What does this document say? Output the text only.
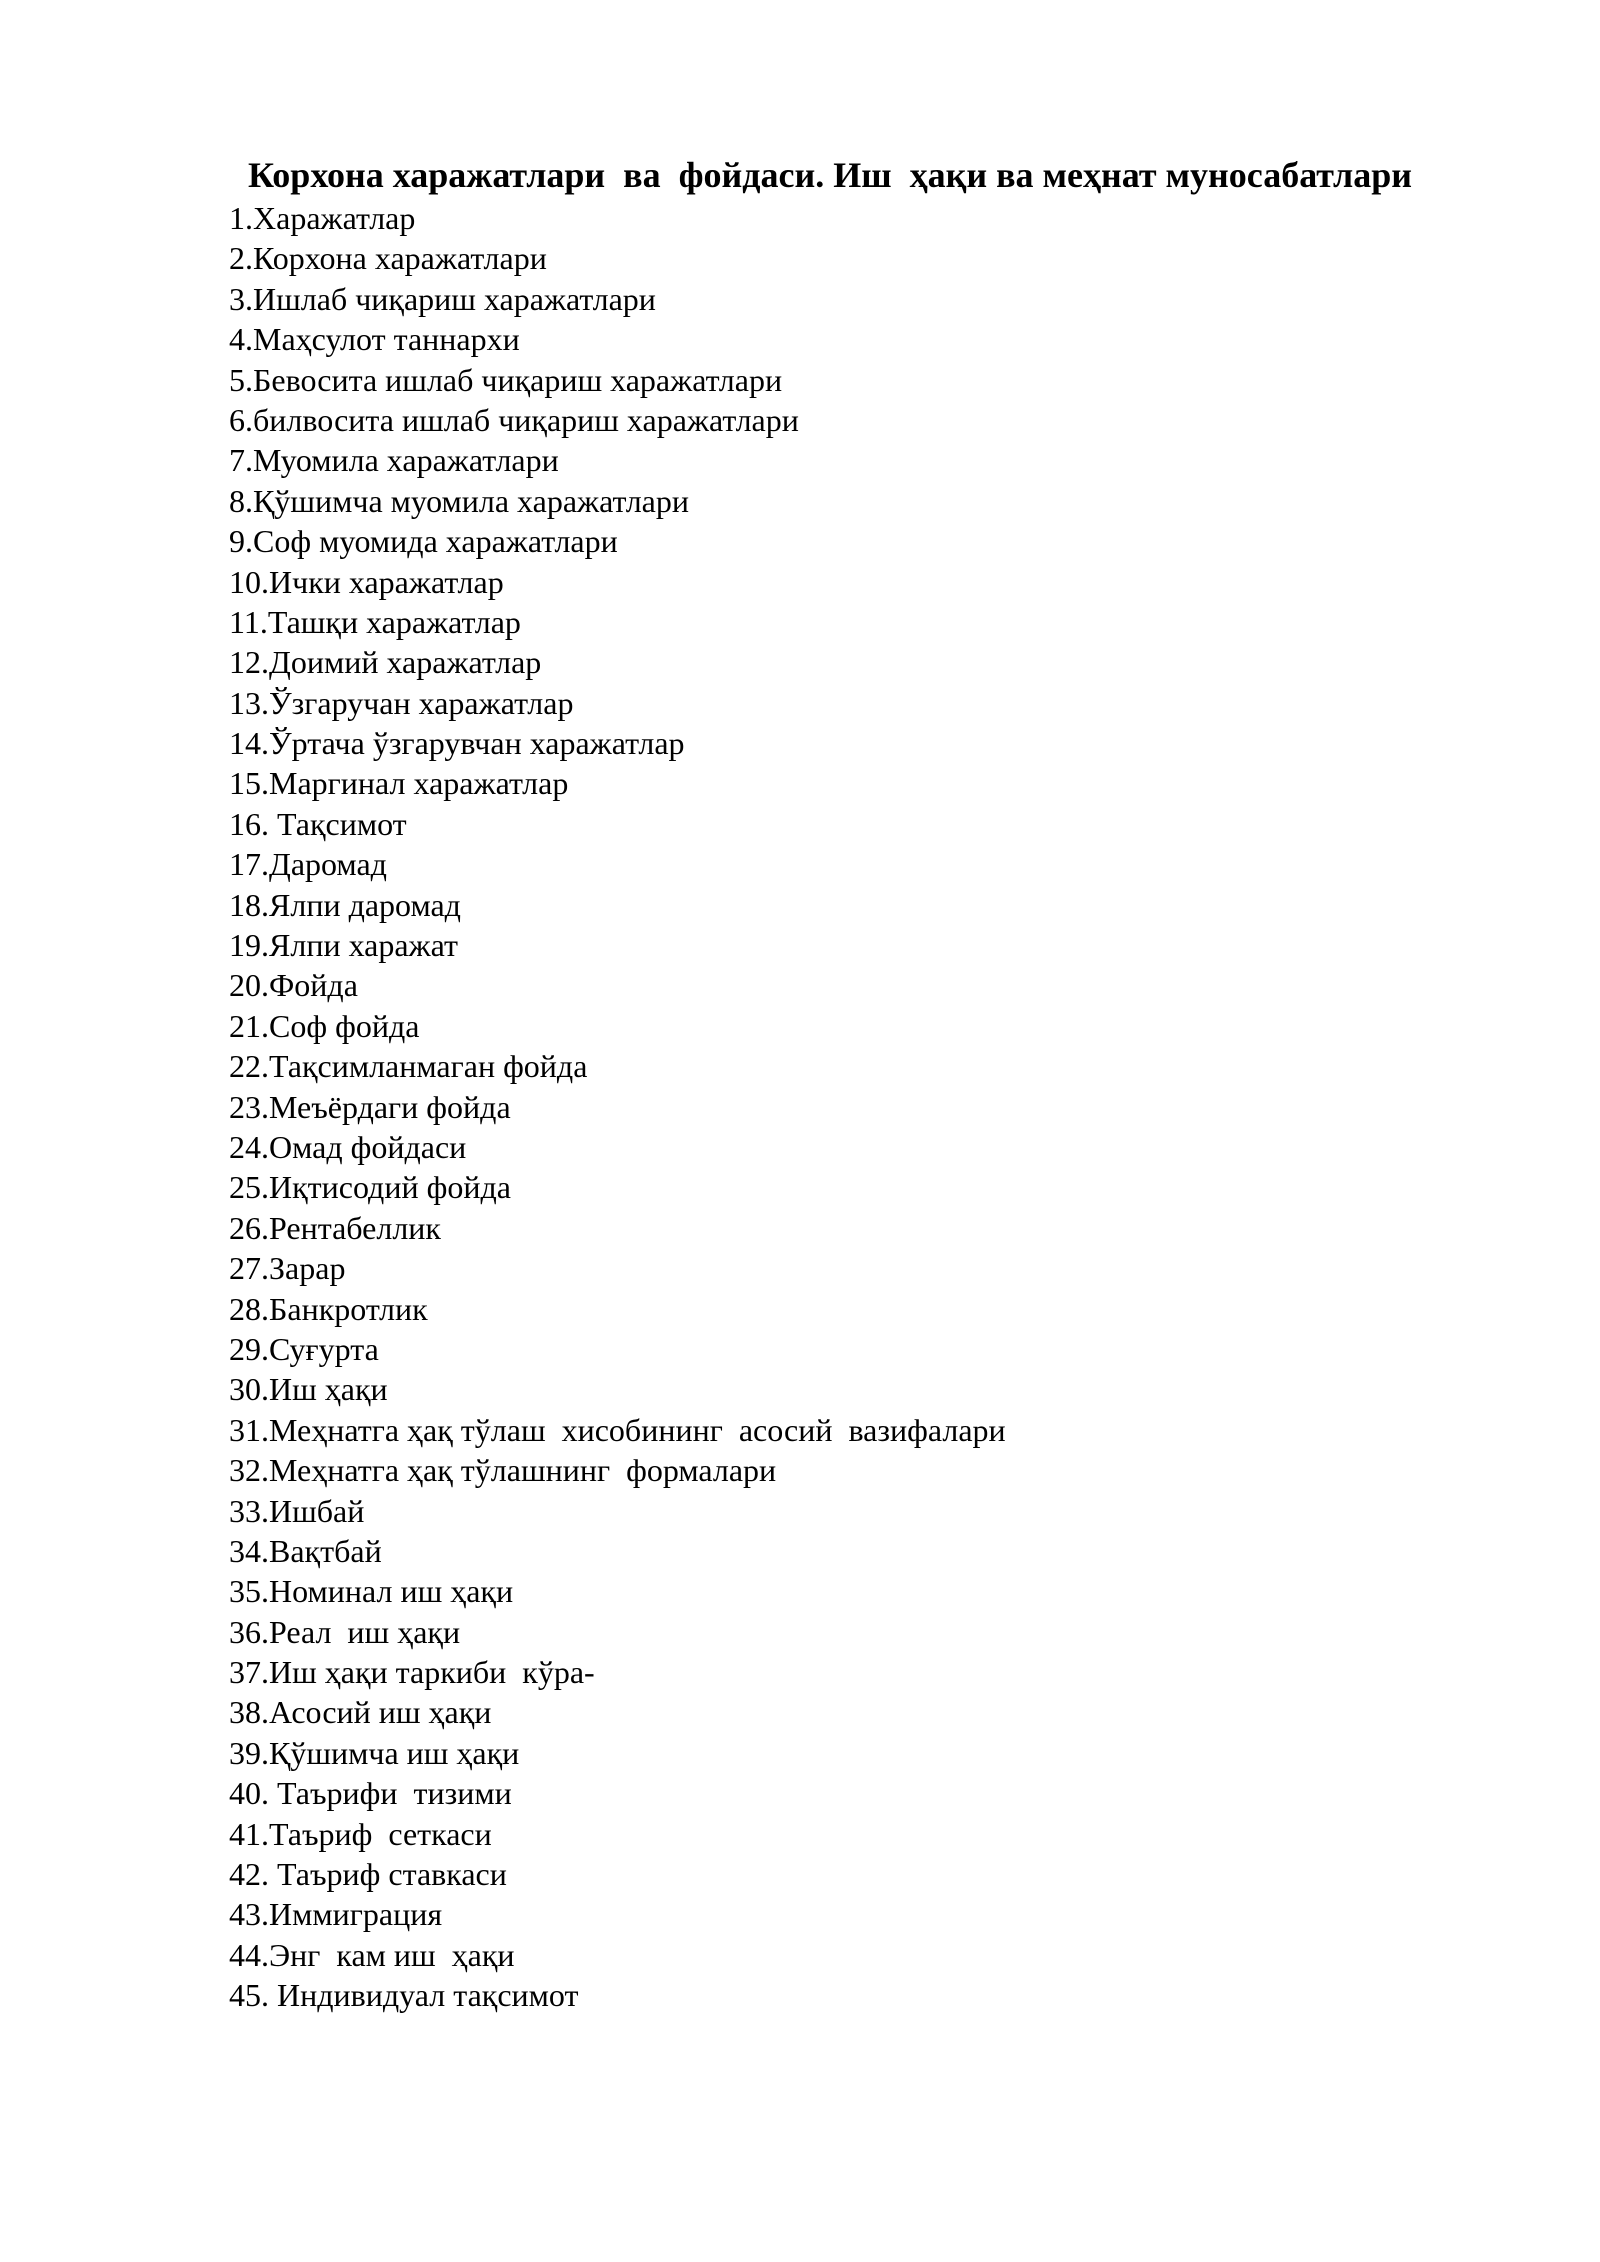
Корхона харажатлари  ва  фойдаси. Иш  ҳақи ва меҳнат муносабатлари
1.Харажатлар
2.Корхона харажатлари
3.Ишлаб чиқариш харажатлари
4.Маҳсулот таннархи
5.Бевосита ишлаб чиқариш харажатлари
6.билвосита ишлаб чиқариш харажатлари
7.Муомила харажатлари
8.Қўшимча муомила харажатлари
9.Соф муомида харажатлари
10.Ички харажатлар
11.Ташқи харажатлар
12.Доимий харажатлар
13.Ўзгаручан харажатлар
14.Ўртача ўзгарувчан харажатлар
15.Маргинал харажатлар
16. Тақсимот
17.Даромад
18.Ялпи даромад
19.Ялпи харажат
20.Фойда
21.Соф фойда
22.Тақсимланмаган фойда
23.Меъёрдаги фойда
24.Омад фойдаси
25.Иқтисодий фойда
26.Рентабеллик
27.Зарар
28.Банкротлик
29.Суғурта
30.Иш ҳақи
31.Меҳнатга ҳақ тўлаш  хисобининг  асосий  вазифалари
32.Меҳнатга ҳақ тўлашнинг  формалари
33.Ишбай
34.Вақтбай
35.Номинал иш ҳақи
36.Реал  иш ҳақи
37.Иш ҳақи таркиби  кўра-
38.Асосий иш ҳақи
39.Қўшимча иш ҳақи
40. Таърифи  тизими
41.Таъриф  сеткаси
42. Таъриф ставкаси
43.Иммиграция
44.Энг  кам иш  ҳақи
45. Индивидуал тақсимот
